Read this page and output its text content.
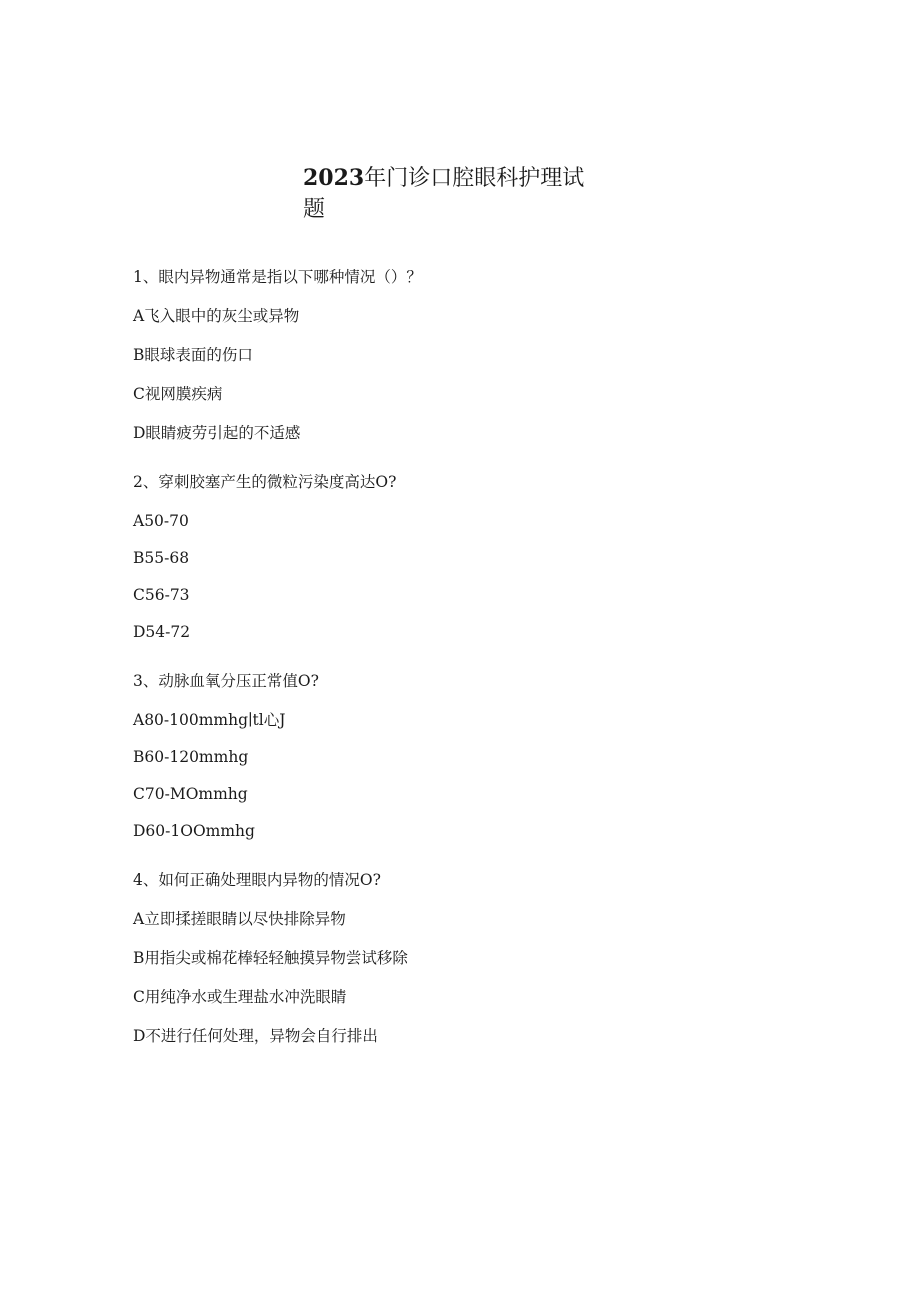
2023年门诊口腔眼科护理试题

1、眼内异物通常是指以下哪种情况（）？

A飞入眼中的灰尘或异物

B眼球表面的伤口

C视网膜疾病

D眼睛疲劳引起的不适感

2、穿刺胶塞产生的微粒污染度高达O?

A50-70

B55-68

C56-73

D54-72

3、动脉血氧分压正常值O?

A80-100mmhg∣tl心J

B60-120mmhg

C70-MOmmhg

D60-1OOmmhg

4、如何正确处理眼内异物的情况O?

A立即揉搓眼睛以尽快排除异物

B用指尖或棉花棒轻轻触摸异物尝试移除

C用纯净水或生理盐水冲洗眼睛

D不进行任何处理，异物会自行排出
